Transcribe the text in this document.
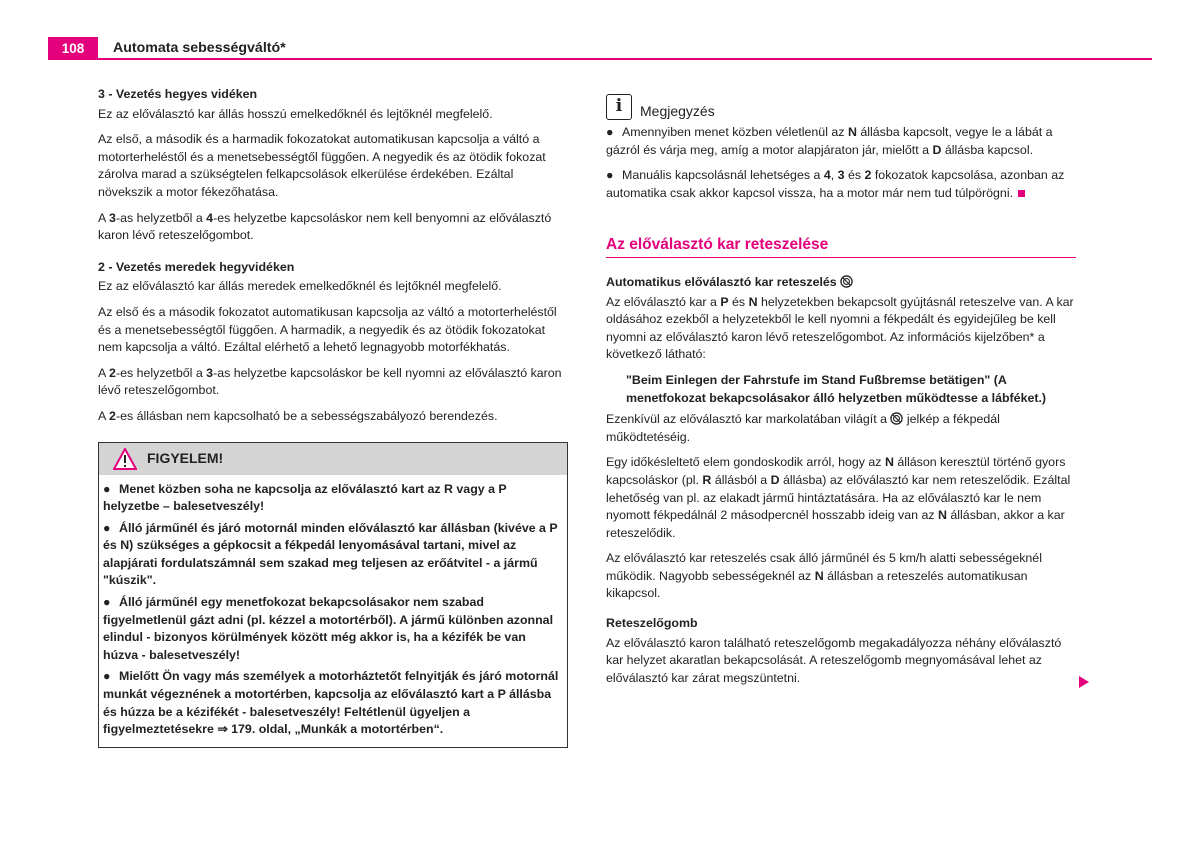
108	Automata sebességváltó*

3 - Vezetés hegyes vidéken

Ez az előválasztó kar állás hosszú emelkedőknél és lejtőknél megfelelő.

Az első, a második és a harmadik fokozatokat automatikusan kapcsolja a váltó a motorterheléstől és a menetsebességtől függően. A negyedik és az ötödik fokozat zárolva marad a szükségtelen felkapcsolások elkerülése érdekében. Ezáltal növekszik a motor fékezőhatása.

A 3-as helyzetből a 4-es helyzetbe kapcsoláskor nem kell benyomni az előválasztó karon lévő reteszelőgombot.

2 - Vezetés meredek hegyvidéken

Ez az előválasztó kar állás meredek emelkedőknél és lejtőknél megfelelő.

Az első és a második fokozatot automatikusan kapcsolja az váltó a motorterheléstől és a menetsebességtől függően. A harmadik, a negyedik és az ötödik fokozatokat nem kapcsolja a váltó. Ezáltal elérhető a lehető legnagyobb motorfékhatás.

A 2-es helyzetből a 3-as helyzetbe kapcsoláskor be kell nyomni az előválasztó karon lévő reteszelőgombot.

A 2-es állásban nem kapcsolható be a sebességszabályozó berendezés.

FIGYELEM!

● Menet közben soha ne kapcsolja az előválasztó kart az R vagy a P helyzetbe – balesetveszély!

● Álló járműnél és járó motornál minden előválasztó kar állásban (kivéve a P és N) szükséges a gépkocsit a fékpedál lenyomásával tartani, mivel az alapjárati fordulatszámnál sem szakad meg teljesen az erőátvitel - a jármű "kúszik".

● Álló járműnél egy menetfokozat bekapcsolásakor nem szabad figyelmetlenül gázt adni (pl. kézzel a motortérből). A jármű különben azonnal elindul - bizonyos körülmények között még akkor is, ha a kézifék be van húzva - balesetveszély!

● Mielőtt Ön vagy más személyek a motorháztetőt felnyitják és járó motornál munkát végeznének a motortérben, kapcsolja az előválasztó kart a P állásba és húzza be a kézifékét - balesetveszély! Feltétlenül ügyeljen a figyelmeztetésekre ⇒ 179. oldal, „Munkák a motortérben“.

i Megjegyzés

● Amennyiben menet közben véletlenül az N állásba kapcsolt, vegye le a lábát a gázról és várja meg, amíg a motor alapjáraton jár, mielőtt a D állásba kapcsol.

● Manuális kapcsolásnál lehetséges a 4, 3 és 2 fokozatok kapcsolása, azonban az automatika csak akkor kapcsol vissza, ha a motor már nem tud túlpörögni.

Az előválasztó kar reteszelése

Automatikus előválasztó kar reteszelés

Az előválasztó kar a P és N helyzetekben bekapcsolt gyújtásnál reteszelve van. A kar oldásához ezekből a helyzetekből le kell nyomni a fékpedált és egyidejűleg be kell nyomni az előválasztó karon lévő reteszelőgombot. Az információs kijelzőben* a következő látható:

"Beim Einlegen der Fahrstufe im Stand Fußbremse betätigen" (A menetfokozat bekapcsolásakor álló helyzetben működtesse a lábféket.)

Ezenkívül az előválasztó kar markolatában világít a  jelkép a fékpedál működtetéséig.

Egy időkésleltető elem gondoskodik arról, hogy az N álláson keresztül történő gyors kapcsoláskor (pl. R állásból a D állásba) az előválasztó kar nem reteszelődik. Ezáltal lehetőség van pl. az elakadt jármű hintáztatására. Ha az előválasztó kar le nem nyomott fékpedálnál 2 másodpercnél hosszabb ideig van az N állásban, akkor a kar reteszelődik.

Az előválasztó kar reteszelés csak álló járműnél és 5 km/h alatti sebességeknél működik. Nagyobb sebességeknél az N állásban a reteszelés automatikusan kikapcsol.

Reteszelőgomb

Az előválasztó karon található reteszelőgomb megakadályozza néhány előválasztó kar helyzet akaratlan bekapcsolását. A reteszelőgomb megnyomásával lehet az előválasztó kar zárat megszüntetni.
